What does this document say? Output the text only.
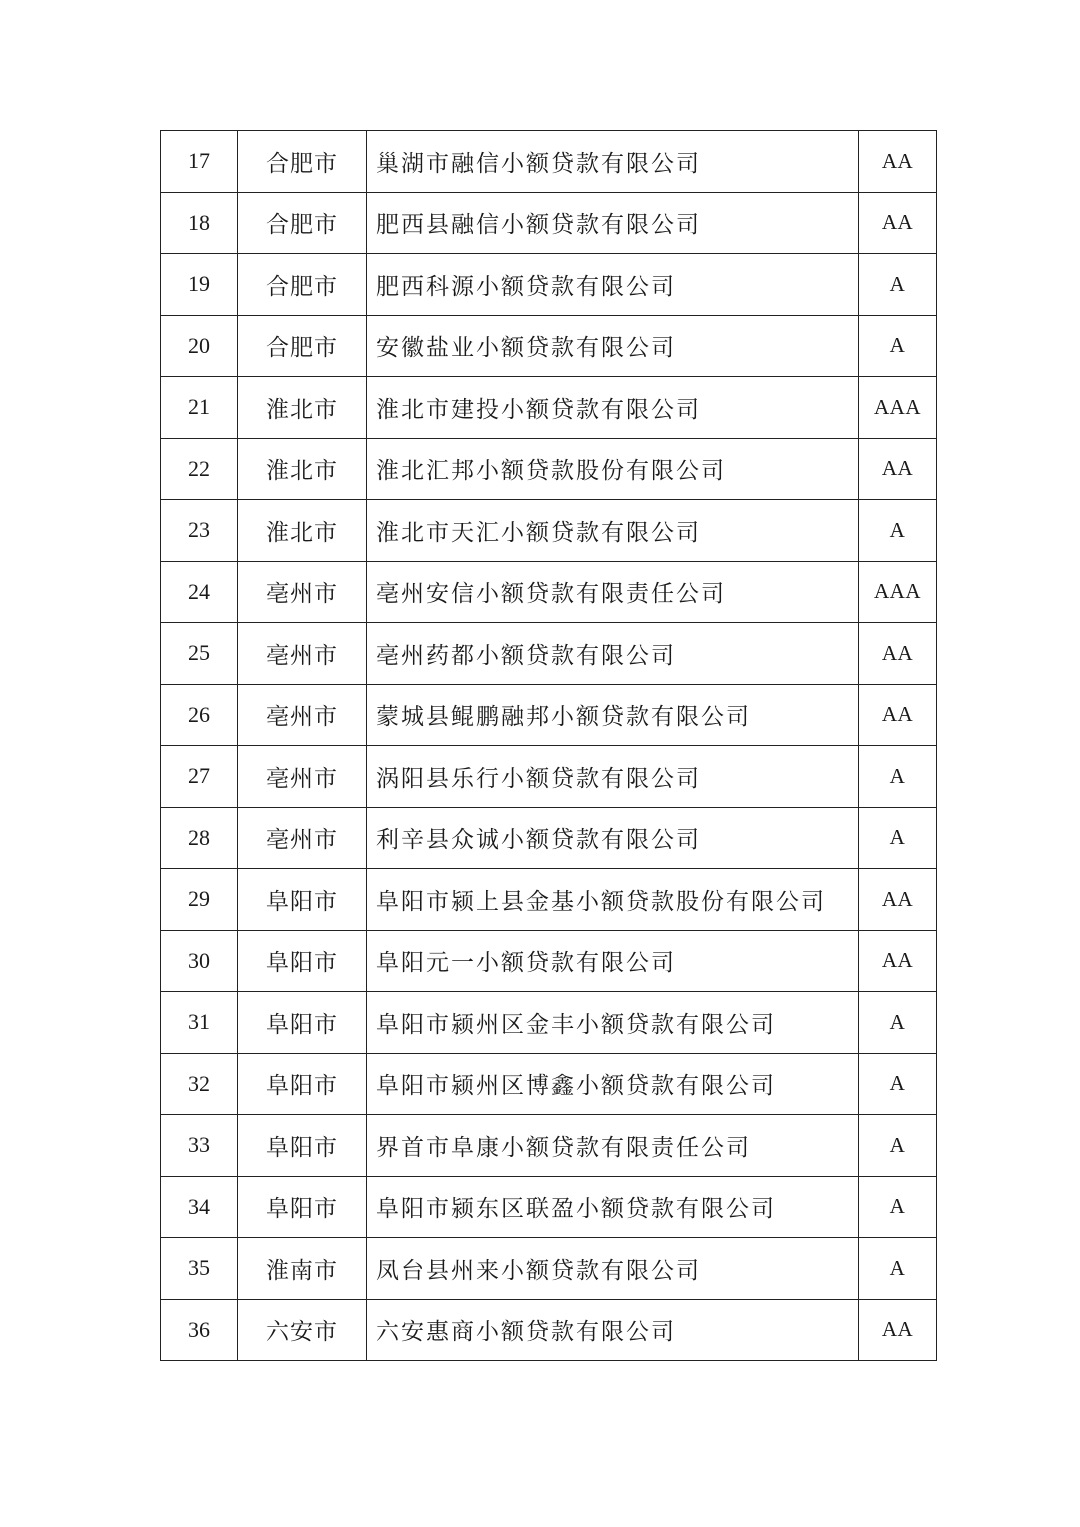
17	合肥市	巢湖市融信小额贷款有限公司	AA
18	合肥市	肥西县融信小额贷款有限公司	AA
19	合肥市	肥西科源小额贷款有限公司	A
20	合肥市	安徽盐业小额贷款有限公司	A
21	淮北市	淮北市建投小额贷款有限公司	AAA
22	淮北市	淮北汇邦小额贷款股份有限公司	AA
23	淮北市	淮北市天汇小额贷款有限公司	A
24	亳州市	亳州安信小额贷款有限责任公司	AAA
25	亳州市	亳州药都小额贷款有限公司	AA
26	亳州市	蒙城县鲲鹏融邦小额贷款有限公司	AA
27	亳州市	涡阳县乐行小额贷款有限公司	A
28	亳州市	利辛县众诚小额贷款有限公司	A
29	阜阳市	阜阳市颍上县金基小额贷款股份有限公司	AA
30	阜阳市	阜阳元一小额贷款有限公司	AA
31	阜阳市	阜阳市颍州区金丰小额贷款有限公司	A
32	阜阳市	阜阳市颍州区博鑫小额贷款有限公司	A
33	阜阳市	界首市阜康小额贷款有限责任公司	A
34	阜阳市	阜阳市颍东区联盈小额贷款有限公司	A
35	淮南市	凤台县州来小额贷款有限公司	A
36	六安市	六安惠商小额贷款有限公司	AA
